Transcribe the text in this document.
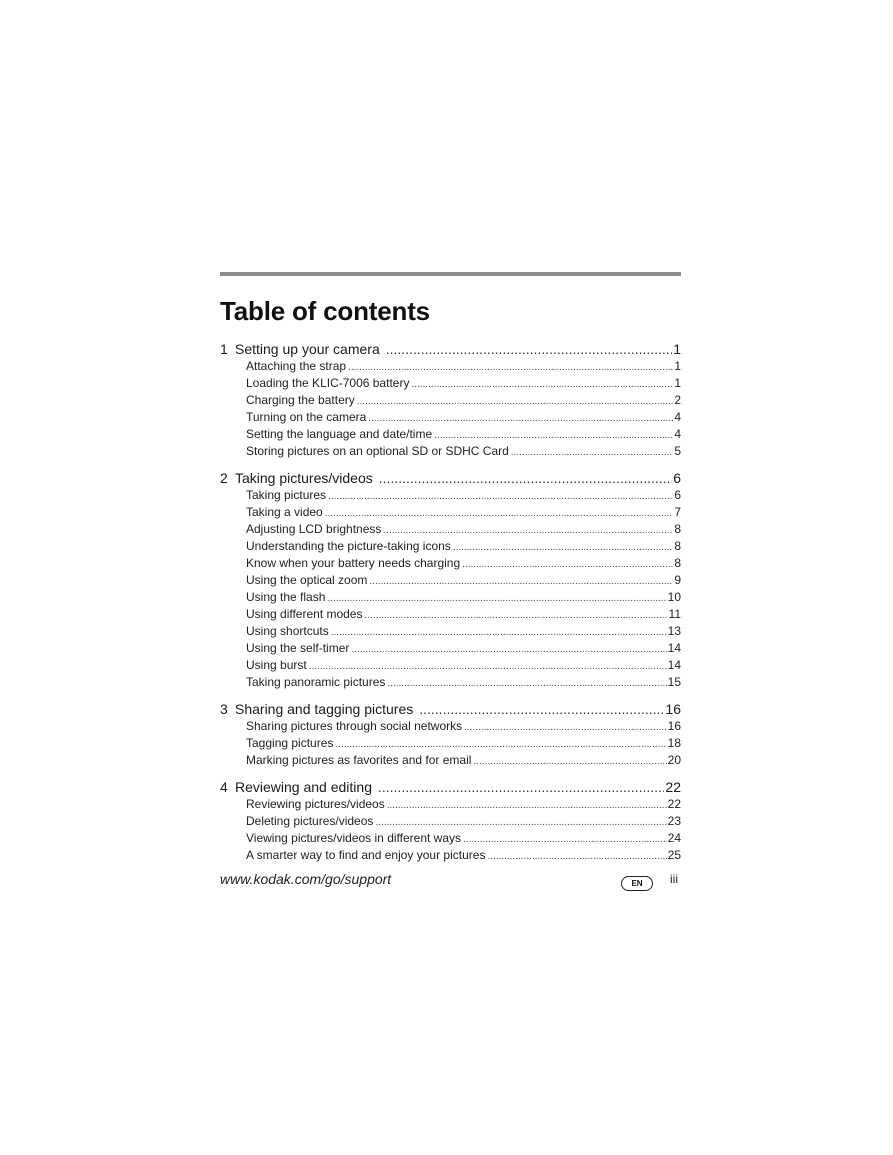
Table of contents
1 Setting up your camera .....	1
Attaching the strap .....	1
Loading the KLIC-7006 battery .....	1
Charging the battery .....	2
Turning on the camera .....	4
Setting the language and date/time .....	4
Storing pictures on an optional SD or SDHC Card .....	5
2 Taking pictures/videos .....	6
Taking pictures .....	6
Taking a video .....	7
Adjusting LCD brightness .....	8
Understanding the picture-taking icons .....	8
Know when your battery needs charging .....	8
Using the optical zoom .....	9
Using the flash .....	10
Using different modes .....	11
Using shortcuts .....	13
Using the self-timer .....	14
Using burst .....	14
Taking panoramic pictures .....	15
3 Sharing and tagging pictures .....	16
Sharing pictures through social networks .....	16
Tagging pictures .....	18
Marking pictures as favorites and for email .....	20
4 Reviewing and editing .....	22
Reviewing pictures/videos .....	22
Deleting pictures/videos .....	23
Viewing pictures/videos in different ways .....	24
A smarter way to find and enjoy your pictures .....	25
www.kodak.com/go/support	EN	iii
